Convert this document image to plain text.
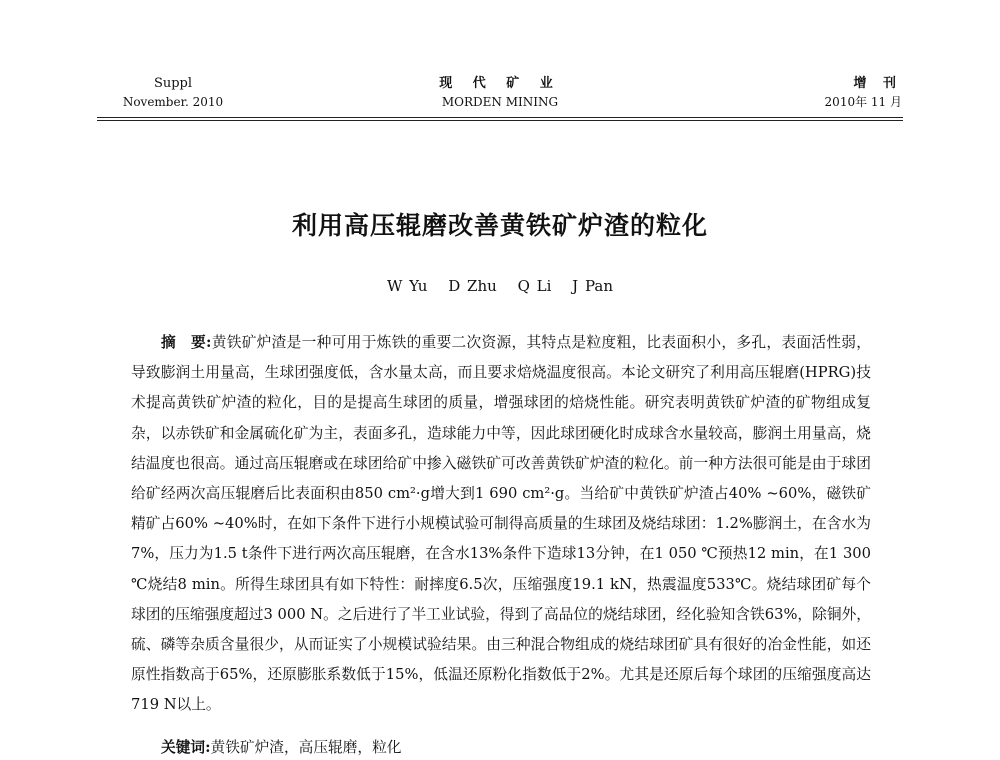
Suppl
November. 2010
现 代 矿 业
MORDEN MINING
增 刊
2010年 11 月
利用高压辊磨改善黄铁矿炉渣的粒化
W Yu D Zhu Q Li J Pan
摘　要:黄铁矿炉渣是一种可用于炼铁的重要二次资源，其特点是粒度粗，比表面积小，多孔，表面活性弱，导致膨润土用量高，生球团强度低，含水量太高，而且要求焙烧温度很高。本论文研究了利用高压辊磨(HPRG)技术提高黄铁矿炉渣的粒化，目的是提高生球团的质量，增强球团的焙烧性能。研究表明黄铁矿炉渣的矿物组成复杂，以赤铁矿和金属硫化矿为主，表面多孔，造球能力中等，因此球团硬化时成球含水量较高，膨润土用量高，烧结温度也很高。通过高压辊磨或在球团给矿中掺入磁铁矿可改善黄铁矿炉渣的粒化。前一种方法很可能是由于球团给矿经两次高压辊磨后比表面积由850 cm²·g增大到1 690 cm²·g。当给矿中黄铁矿炉渣占40% ~60%，磁铁矿精矿占60% ~40%时，在如下条件下进行小规模试验可制得高质量的生球团及烧结球团：1.2%膨润土，在含水为7%，压力为1.5 t条件下进行两次高压辊磨，在含水13%条件下造球13分钟，在1 050 ℃预热12 min，在1 300 ℃烧结8 min。所得生球团具有如下特性：耐摔度6.5次，压缩强度19.1 kN，热震温度533℃。烧结球团矿每个球团的压缩强度超过3 000 N。之后进行了半工业试验，得到了高品位的烧结球团，经化验知含铁63%，除铜外，硫、磷等杂质含量很少，从而证实了小规模试验结果。由三种混合物组成的烧结球团矿具有很好的冶金性能，如还原性指数高于65%，还原膨胀系数低于15%，低温还原粉化指数低于2%。尤其是还原后每个球团的压缩强度高达719 N以上。
关键词:黄铁矿炉渣，高压辊磨，粒化
